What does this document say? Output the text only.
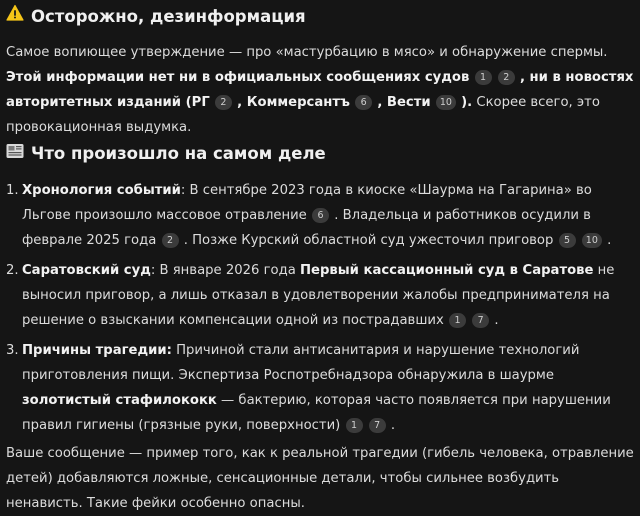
Осторожно, дезинформация
Самое вопиющее утверждение — про «мастурбацию в мясо» и обнаружение спермы. Этой информации нет ни в официальных сообщениях судов 1 2 , ни в новостях авторитетных изданий (РГ 2 , Коммерсантъ 6 , Вести 10 ). Скорее всего, это провокационная выдумка.
Что произошло на самом деле
1. Хронология событий: В сентябре 2023 года в киоске «Шаурма на Гагарина» во Льгове произошло массовое отравление 6 . Владельца и работников осудили в феврале 2025 года 2 . Позже Курский областной суд ужесточил приговор 5 10 .
2. Саратовский суд: В январе 2026 года Первый кассационный суд в Саратове не выносил приговор, а лишь отказал в удовлетворении жалобы предпринимателя на решение о взыскании компенсации одной из пострадавших 1 7 .
3. Причины трагедии: Причиной стали антисанитария и нарушение технологий приготовления пищи. Экспертиза Роспотребнадзора обнаружила в шаурме золотистый стафилококк — бактерию, которая часто появляется при нарушении правил гигиены (грязные руки, поверхности) 1 7 .
Ваше сообщение — пример того, как к реальной трагедии (гибель человека, отравление детей) добавляются ложные, сенсационные детали, чтобы сильнее возбудить ненависть. Такие фейки особенно опасны.
